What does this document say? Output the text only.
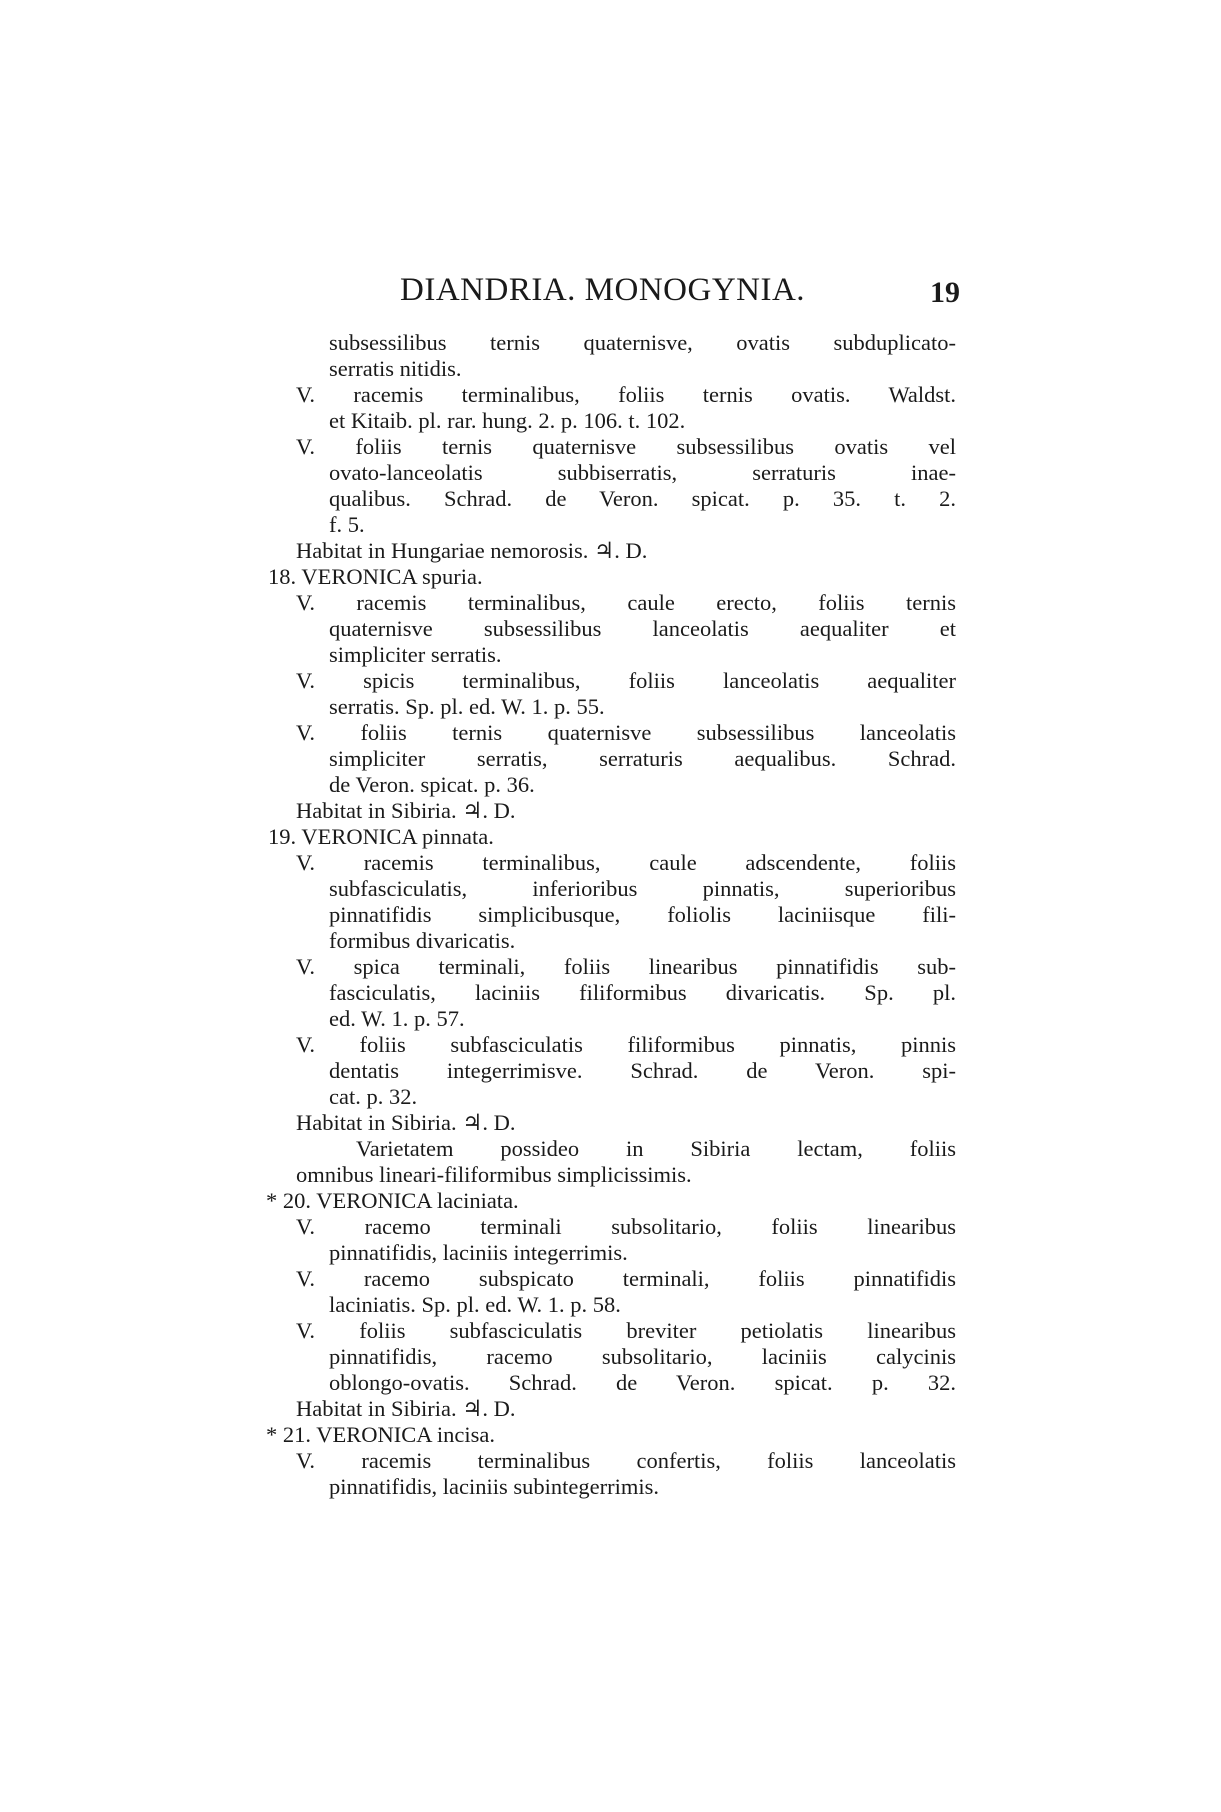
DIANDRIA. MONOGYNIA.	19
subsessilibus ternis quaternisve, ovatis subduplicato-
serratis nitidis.
V. racemis terminalibus, foliis ternis ovatis. Waldst.
et Kitaib. pl. rar. hung. 2. p. 106. t. 102.
V. foliis ternis quaternisve subsessilibus ovatis vel
ovato-lanceolatis subbiserratis, serraturis inae-
qualibus. Schrad. de Veron. spicat. p. 35. t. 2.
f. 5.
Habitat in Hungariae nemorosis. ♃. D.
18. VERONICA spuria.
V. racemis terminalibus, caule erecto, foliis ternis
quaternisve subsessilibus lanceolatis aequaliter et
simpliciter serratis.
V. spicis terminalibus, foliis lanceolatis aequaliter
serratis. Sp. pl. ed. W. 1. p. 55.
V. foliis ternis quaternisve subsessilibus lanceolatis
simpliciter serratis, serraturis aequalibus. Schrad.
de Veron. spicat. p. 36.
Habitat in Sibiria. ♃. D.
19. VERONICA pinnata.
V. racemis terminalibus, caule adscendente, foliis
subfasciculatis, inferioribus pinnatis, superioribus
pinnatifidis simplicibusque, foliolis laciniisque fili-
formibus divaricatis.
V. spica terminali, foliis linearibus pinnatifidis sub-
fasciculatis, laciniis filiformibus divaricatis. Sp. pl.
ed. W. 1. p. 57.
V. foliis subfasciculatis filiformibus pinnatis, pinnis
dentatis integerrimisve. Schrad. de Veron. spi-
cat. p. 32.
Habitat in Sibiria. ♃. D.
Varietatem possideo in Sibiria lectam, foliis
omnibus lineari-filiformibus simplicissimis.
* 20. VERONICA laciniata.
V. racemo terminali subsolitario, foliis linearibus
pinnatifidis, laciniis integerrimis.
V. racemo subspicato terminali, foliis pinnatifidis
laciniatis. Sp. pl. ed. W. 1. p. 58.
V. foliis subfasciculatis breviter petiolatis linearibus
pinnatifidis, racemo subsolitario, laciniis calycinis
oblongo-ovatis. Schrad. de Veron. spicat. p. 32.
Habitat in Sibiria. ♃. D.
* 21. VERONICA incisa.
V. racemis terminalibus confertis, foliis lanceolatis
pinnatifidis, laciniis subintegerrimis.
